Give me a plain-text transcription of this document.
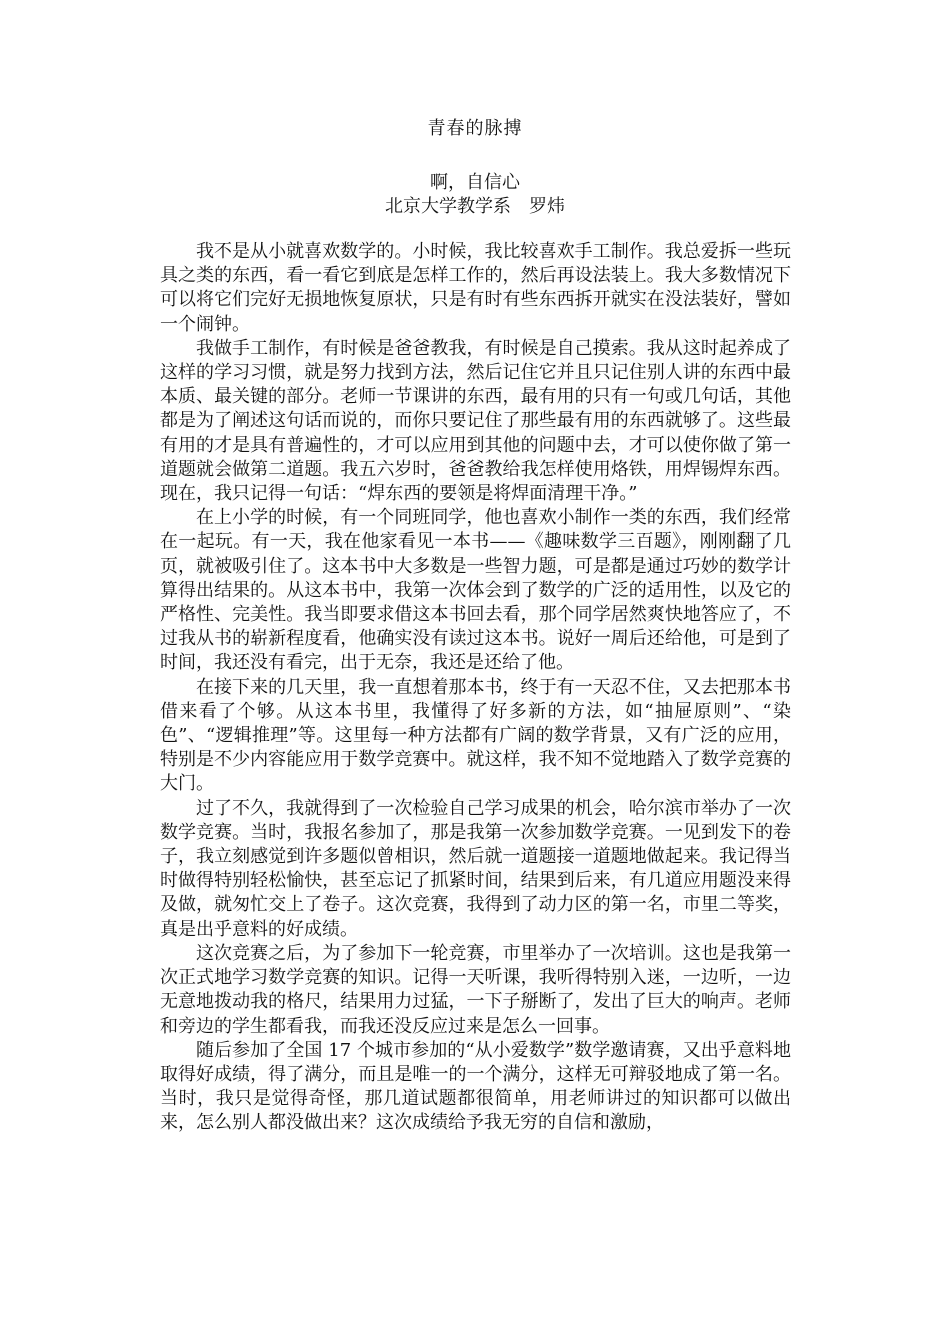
青春的脉搏
啊，自信心
北京大学教学系　罗炜

我不是从小就喜欢数学的。小时候，我比较喜欢手工制作。我总爱拆一些玩具之类的东西，看一看它到底是怎样工作的，然后再设法装上。我大多数情况下可以将它们完好无损地恢复原状，只是有时有些东西拆开就实在没法装好，譬如一个闹钟。

我做手工制作，有时候是爸爸教我，有时候是自己摸索。我从这时起养成了这样的学习习惯，就是努力找到方法，然后记住它并且只记住别人讲的东西中最本质、最关键的部分。老师一节课讲的东西，最有用的只有一句或几句话，其他都是为了阐述这句话而说的，而你只要记住了那些最有用的东西就够了。这些最有用的才是具有普遍性的，才可以应用到其他的问题中去，才可以使你做了第一道题就会做第二道题。我五六岁时，爸爸教给我怎样使用烙铁，用焊锡焊东西。现在，我只记得一句话：“焊东西的要领是将焊面清理干净。”

在上小学的时候，有一个同班同学，他也喜欢小制作一类的东西，我们经常在一起玩。有一天，我在他家看见一本书——《趣味数学三百题》，刚刚翻了几页，就被吸引住了。这本书中大多数是一些智力题，可是都是通过巧妙的数学计算得出结果的。从这本书中，我第一次体会到了数学的广泛的适用性，以及它的严格性、完美性。我当即要求借这本书回去看，那个同学居然爽快地答应了，不过我从书的崭新程度看，他确实没有读过这本书。说好一周后还给他，可是到了时间，我还没有看完，出于无奈，我还是还给了他。

在接下来的几天里，我一直想着那本书，终于有一天忍不住，又去把那本书借来看了个够。从这本书里，我懂得了好多新的方法，如“抽屉原则”、“染色”、“逻辑推理”等。这里每一种方法都有广阔的数学背景，又有广泛的应用，特别是不少内容能应用于数学竞赛中。就这样，我不知不觉地踏入了数学竞赛的大门。

过了不久，我就得到了一次检验自己学习成果的机会，哈尔滨市举办了一次数学竞赛。当时，我报名参加了，那是我第一次参加数学竞赛。一见到发下的卷子，我立刻感觉到许多题似曾相识，然后就一道题接一道题地做起来。我记得当时做得特别轻松愉快，甚至忘记了抓紧时间，结果到后来，有几道应用题没来得及做，就匆忙交上了卷子。这次竞赛，我得到了动力区的第一名，市里二等奖，真是出乎意料的好成绩。

这次竞赛之后，为了参加下一轮竞赛，市里举办了一次培训。这也是我第一次正式地学习数学竞赛的知识。记得一天听课，我听得特别入迷，一边听，一边无意地拨动我的格尺，结果用力过猛，一下子掰断了，发出了巨大的响声。老师和旁边的学生都看我，而我还没反应过来是怎么一回事。

随后参加了全国 17 个城市参加的“从小爱数学”数学邀请赛，又出乎意料地取得好成绩，得了满分，而且是唯一的一个满分，这样无可辩驳地成了第一名。当时，我只是觉得奇怪，那几道试题都很简单，用老师讲过的知识都可以做出来，怎么别人都没做出来？这次成绩给予我无穷的自信和激励，
